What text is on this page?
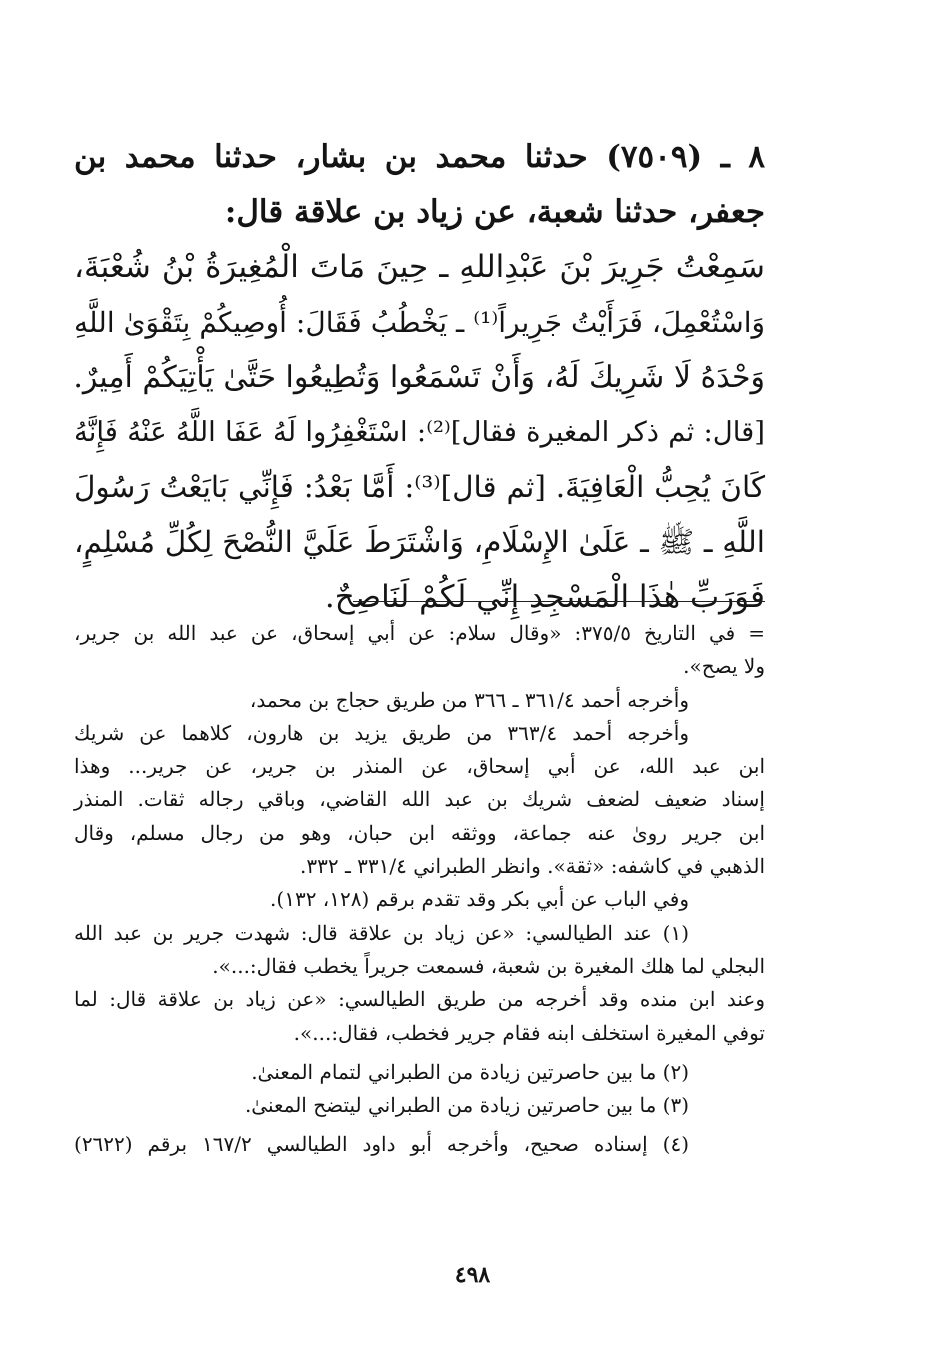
٨ ـ (٧٥٠٩) حدثنا محمد بن بشار، حدثنا محمد بن

جعفر، حدثنا شعبة، عن زياد بن علاقة قال:

سَمِعْتُ جَرِيرَ بْنَ عَبْدِاللهِ ـ حِينَ مَاتَ الْمُغِيرَةُ بْنُ شُعْبَةَ،

وَاسْتُعْمِلَ، فَرَأَيْتُ جَرِيراً⁽¹⁾ ـ يَخْطُبُ فَقَالَ: أُوصِيكُمْ بِتَقْوَىٰ اللَّهِ

وَحْدَهُ لَا شَرِيكَ لَهُ، وَأَنْ تَسْمَعُوا وَتُطِيعُوا حَتَّىٰ يَأْتِيَكُمْ أَمِيرٌ.

[قال: ثم ذكر المغيرة فقال]⁽²⁾: اسْتَغْفِرُوا لَهُ عَفَا اللَّهُ عَنْهُ فَإِنَّهُ

كَانَ يُحِبُّ الْعَافِيَةَ. [ثم قال]⁽³⁾: أَمَّا بَعْدُ: فَإِنِّي بَايَعْتُ رَسُولَ

اللَّهِ ـ ﷺ ـ عَلَىٰ الإِسْلَامِ، وَاشْتَرَطَ عَلَيَّ النُّصْحَ لِكُلِّ مُسْلِمٍ،

فَوَرَبِّ هٰذَا الْمَسْجِدِ إِنِّي لَكُمْ لَنَاصِحٌ.

= في التاريخ ٣٧٥/٥: «وقال سلام: عن أبي إسحاق، عن عبد الله بن جرير،

ولا يصح».

وأخرجه أحمد ٣٦١/٤ ـ ٣٦٦ من طريق حجاج بن محمد،

وأخرجه أحمد ٣٦٣/٤ من طريق يزيد بن هارون، كلاهما عن شريك

ابن عبد الله، عن أبي إسحاق، عن المنذر بن جرير، عن جرير... وهذا

إسناد ضعيف لضعف شريك بن عبد الله القاضي، وباقي رجاله ثقات. المنذر

ابن جرير روىٰ عنه جماعة، ووثقه ابن حبان، وهو من رجال مسلم، وقال

الذهبي في كاشفه: «ثقة». وانظر الطبراني ٣٣١/٤ ـ ٣٣٢.

وفي الباب عن أبي بكر وقد تقدم برقم (١٢٨، ١٣٢).

(١) عند الطيالسي: «عن زياد بن علاقة قال: شهدت جرير بن عبد الله

البجلي لما هلك المغيرة بن شعبة، فسمعت جريراً يخطب فقال:...».

وعند ابن منده وقد أخرجه من طريق الطيالسي: «عن زياد بن علاقة قال: لما

توفي المغيرة استخلف ابنه فقام جرير فخطب، فقال:...».

(٢) ما بين حاصرتين زيادة من الطبراني لتمام المعنىٰ.

(٣) ما بين حاصرتين زيادة من الطبراني ليتضح المعنىٰ.

(٤) إسناده صحيح، وأخرجه أبو داود الطيالسي ١٦٧/٢ برقم (٢٦٢٢)

٤٩٨
